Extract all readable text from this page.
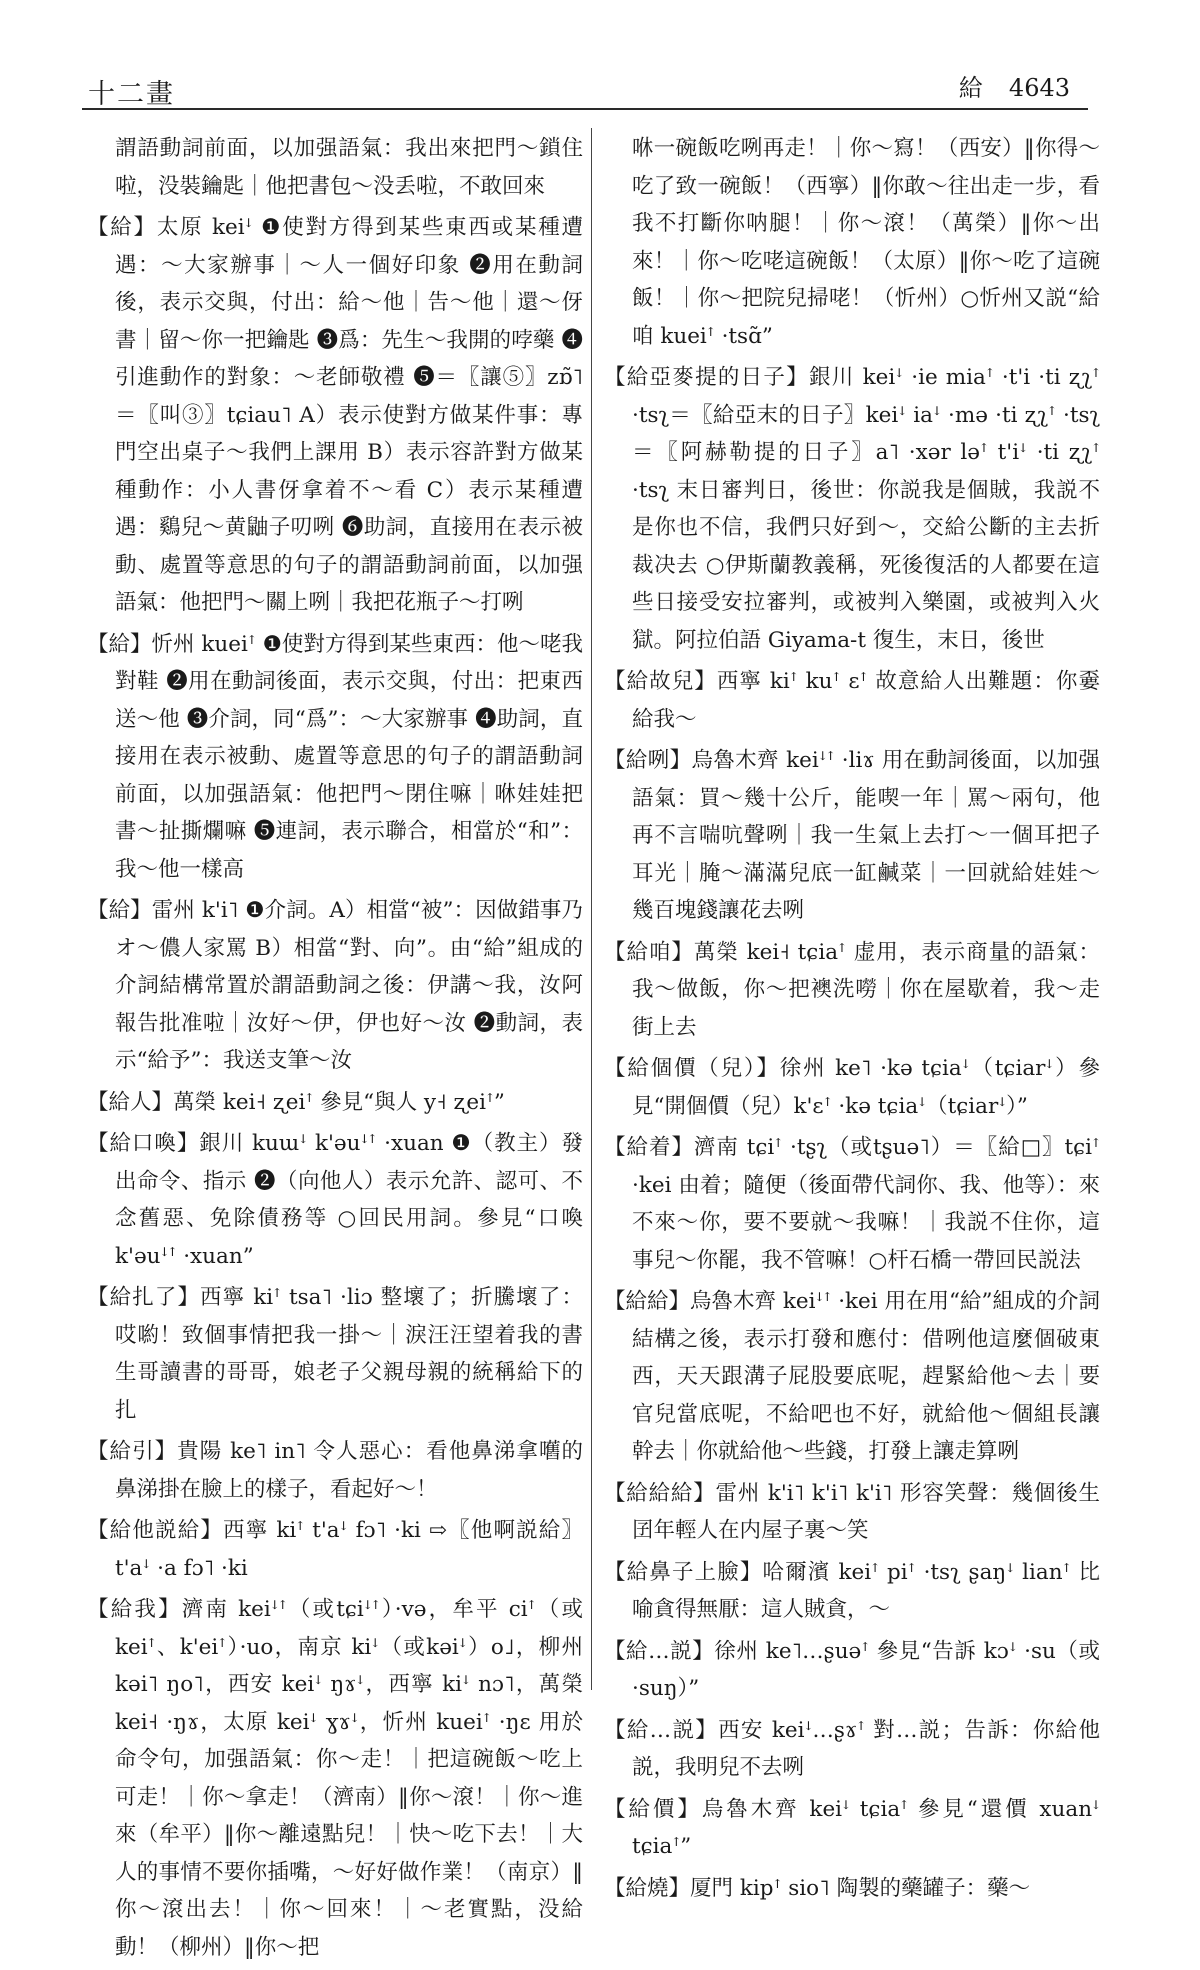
十二畫	給 4643

謂語動詞前面，以加强語氣：我出來把門～鎖住啦，没裝鑰匙｜他把書包～没丢啦，不敢回來

【給】太原 keiꜜ ❶使對方得到某些東西或某種遭遇：～大家辦事｜～人一個好印象 ❷用在動詞後，表示交與，付出：給～他｜告～他｜還～伢書｜留～你一把鑰匙 ❸爲：先生～我開的哱藥 ❹引進動作的對象：～老師敬禮 ❺＝〖讓⑤〗zɒ̃˥ ＝〖叫③〗tɕiau˥ A）表示使對方做某件事：專門空出桌子～我們上課用 B）表示容許對方做某種動作：小人書伢拿着不～看 C）表示某種遭遇：鷄兒～黄鼬子叨咧 ❻助詞，直接用在表示被動、處置等意思的句子的謂語動詞前面，以加强語氣：他把門～關上咧｜我把花瓶子～打咧

【給】忻州 kueiꜛ ❶使對方得到某些東西：他～咾我對鞋 ❷用在動詞後面，表示交與，付出：把東西送～他 ❸介詞，同“爲”：～大家辦事 ❹助詞，直接用在表示被動、處置等意思的句子的謂語動詞前面，以加强語氣：他把門～閉住嘛｜咻娃娃把書～扯撕爛嘛 ❺連詞，表示聯合，相當於“和”：我～他一樣高

【給】雷州 k'i˥ ❶介詞。A）相當“被”：因做錯事乃オ～儂人家罵 B）相當“對、向”。由“給”組成的介詞結構常置於謂語動詞之後：伊講～我，汝阿報告批准啦｜汝好～伊，伊也好～汝 ❷動詞，表示“給予”：我送支筆～汝

【給人】萬榮 kei˧ ʐeiꜛ 參見“與人 y˧ ʐeiꜛ”

【給口喚】銀川 kuɯꜜ k'əuꜜꜛ ·xuan ❶（教主）發出命令、指示 ❷（向他人）表示允許、認可、不念舊惡、免除債務等 ○回民用詞。參見“口喚 k'əuꜜꜛ ·xuan”

【給扎了】西寧 kiꜛ tsa˥ ·liɔ 整壞了；折騰壞了：哎喲！致個事情把我一掛～｜淚汪汪望着我的書生哥讀書的哥哥，娘老子父親母親的統稱給下的扎

【給引】貴陽 ke˥ in˥ 令人惡心：看他鼻涕拿嚿的鼻涕掛在臉上的樣子，看起好～！

【給他説給】西寧 kiꜛ t'aꜜ fɔ˥ ·ki ⇨〖他啊説給〗t'aꜜ ·a fɔ˥ ·ki

【給我】濟南 keiꜜꜛ（或tɕiꜜꜛ）·və，牟平 ciꜛ（或keiꜛ、k'eiꜛ）·uo，南京 kiꜜ（或kəiꜜ）o˩，柳州 kəi˥ ŋo˥，西安 keiꜜ ŋɤꜜ，西寧 kiꜜ nɔ˥，萬榮 kei˧ ·ŋɤ，太原 keiꜜ ɣɤꜜ，忻州 kueiꜛ ·ŋɛ 用於命令句，加强語氣：你～走！｜把這碗飯～吃上可走！｜你～拿走！（濟南）‖你～滾！｜你～進來（牟平）‖你～離遠點兒！｜快～吃下去！｜大人的事情不要你插嘴，～好好做作業！（南京）‖你～滾出去！｜你～回來！｜～老實點，没給動！（柳州）‖你～把

咻一碗飯吃咧再走！｜你～寫！（西安）‖你得～吃了致一碗飯！（西寧）‖你敢～往出走一步，看我不打斷你呐腿！｜你～滾！（萬榮）‖你～出來！｜你～吃咾這碗飯！（太原）‖你～吃了這碗飯！｜你～把院兒掃咾！（忻州）○忻州又説“給咱 kueiꜛ ·tsɑ̃”

【給亞麥提的日子】銀川 keiꜜ ·ie miaꜛ ·t'i ·ti ʐʅꜛ ·tsʅ＝〖給亞末的日子〗keiꜜ iaꜜ ·mə ·ti ʐʅꜛ ·tsʅ＝〖阿赫勒提的日子〗a˥ ·xər ləꜛ t'iꜜ ·ti ʐʅꜛ ·tsʅ 末日審判日，後世：你説我是個賊，我説不是你也不信，我們只好到～，交給公斷的主去折裁决去 ○伊斯蘭教義稱，死後復活的人都要在這些日接受安拉審判，或被判入樂園，或被判入火獄。阿拉伯語 Giyama-t 復生，末日，後世

【給故兒】西寧 kiꜛ kuꜛ ɛꜛ 故意給人出難題：你嫑給我～

【給咧】烏魯木齊 keiꜜꜛ ·liɤ 用在動詞後面，以加强語氣：買～幾十公斤，能喫一年｜罵～兩句，他再不言喘吭聲咧｜我一生氣上去打～一個耳把子耳光｜腌～滿滿兒底一缸鹹菜｜一回就給娃娃～幾百塊錢讓花去咧

【給咱】萬榮 kei˧ tɕiaꜛ 虚用，表示商量的語氣：我～做飯，你～把襖洗嘮｜你在屋歇着，我～走街上去

【給個價（兒）】徐州 ke˥ ·kə tɕiaꜜ（tɕiarꜜ）參見“開個價（兒）k'ɛꜛ ·kə tɕiaꜜ（tɕiarꜜ）”

【給着】濟南 tɕiꜛ ·tʂʅ（或tʂuə˥）＝〖給□〗tɕiꜛ ·kei 由着；隨便（後面帶代詞你、我、他等）：來不來～你，要不要就～我嘛！｜我説不住你，這事兒～你罷，我不管嘛！○杆石橋一帶回民説法

【給給】烏魯木齊 keiꜜꜛ ·kei 用在用“給”組成的介詞結構之後，表示打發和應付：借咧他這麼個破東西，天天跟溝子屁股要底呢，趕緊給他～去｜要官兒當底呢，不給吧也不好，就給他～個組長讓幹去｜你就給他～些錢，打發上讓走算咧

【給給給】雷州 k'i˥ k'i˥ k'i˥ 形容笑聲：幾個後生囝年輕人在内屋子裏～笑

【給鼻子上臉】哈爾濱 keiꜛ piꜛ ·tsʅ ʂaŋꜜ lianꜛ 比喻貪得無厭：這人賊貪，～

【給…説】徐州 ke˥…ʂuəꜛ 參見“告訴 kɔꜜ ·su（或·suŋ）”

【給…説】西安 keiꜜ…ʂɤꜛ 對…説；告訴：你給他説，我明兒不去咧

【給價】烏魯木齊 keiꜜ tɕiaꜛ 參見“還價 xuanꜜ tɕiaꜛ”

【給燒】厦門 kipꜛ sio˥ 陶製的藥罐子：藥～
